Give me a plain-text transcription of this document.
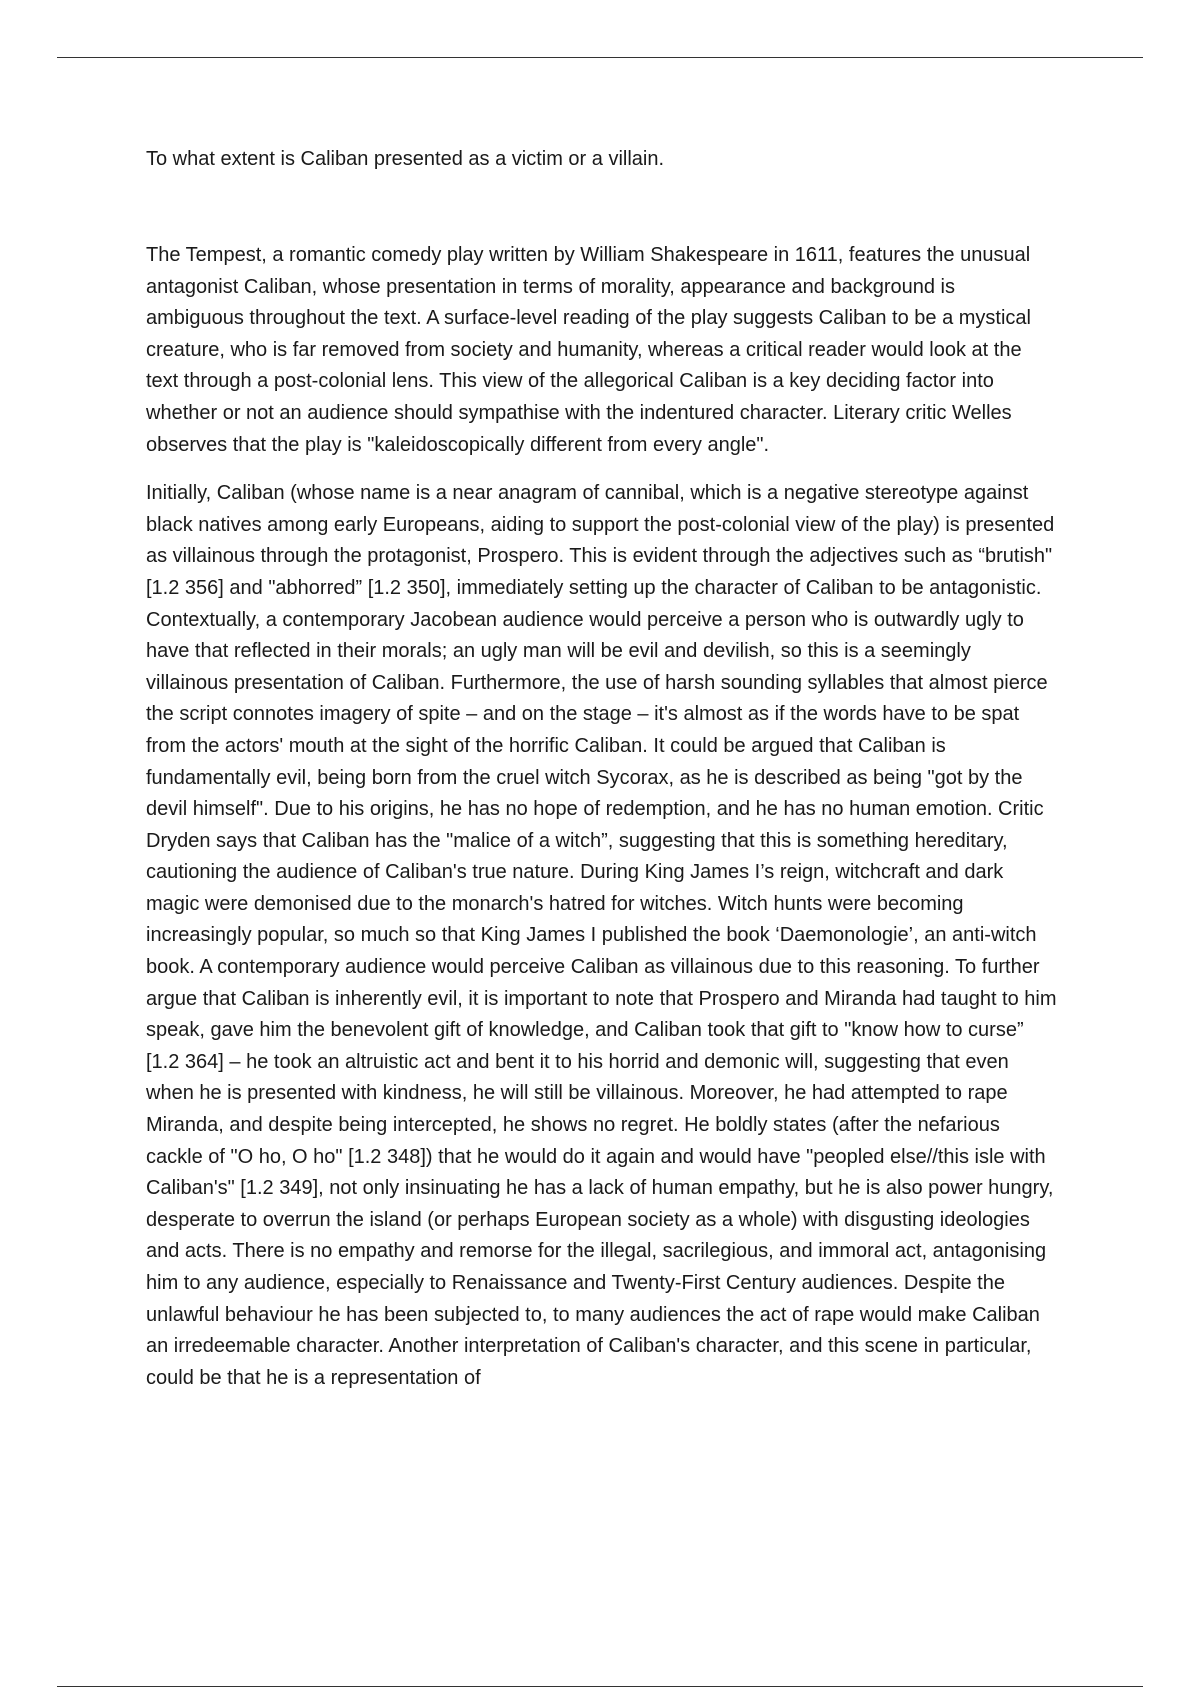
To what extent is Caliban presented as a victim or a villain.

The Tempest, a romantic comedy play written by William Shakespeare in 1611, features the unusual antagonist Caliban, whose presentation in terms of morality, appearance and background is ambiguous throughout the text. A surface-level reading of the play suggests Caliban to be a mystical creature, who is far removed from society and humanity, whereas a critical reader would look at the text through a post-colonial lens. This view of the allegorical Caliban is a key deciding factor into whether or not an audience should sympathise with the indentured character. Literary critic Welles observes that the play is "kaleidoscopically different from every angle".

Initially, Caliban (whose name is a near anagram of cannibal, which is a negative stereotype against black natives among early Europeans, aiding to support the post-colonial view of the play) is presented as villainous through the protagonist, Prospero. This is evident through the adjectives such as “brutish" [1.2 356] and "abhorred” [1.2 350], immediately setting up the character of Caliban to be antagonistic. Contextually, a contemporary Jacobean audience would perceive a person who is outwardly ugly to have that reflected in their morals; an ugly man will be evil and devilish, so this is a seemingly villainous presentation of Caliban. Furthermore, the use of harsh sounding syllables that almost pierce the script connotes imagery of spite – and on the stage – it's almost as if the words have to be spat from the actors' mouth at the sight of the horrific Caliban. It could be argued that Caliban is fundamentally evil, being born from the cruel witch Sycorax, as he is described as being "got by the devil himself". Due to his origins, he has no hope of redemption, and he has no human emotion. Critic Dryden says that Caliban has the "malice of a witch”, suggesting that this is something hereditary, cautioning the audience of Caliban's true nature. During King James I’s reign, witchcraft and dark magic were demonised due to the monarch's hatred for witches. Witch hunts were becoming increasingly popular, so much so that King James I published the book ‘Daemonologie’, an anti-witch book. A contemporary audience would perceive Caliban as villainous due to this reasoning. To further argue that Caliban is inherently evil, it is important to note that Prospero and Miranda had taught to him speak, gave him the benevolent gift of knowledge, and Caliban took that gift to "know how to curse” [1.2 364] – he took an altruistic act and bent it to his horrid and demonic will, suggesting that even when he is presented with kindness, he will still be villainous. Moreover, he had attempted to rape Miranda, and despite being intercepted, he shows no regret. He boldly states (after the nefarious cackle of "O ho, O ho" [1.2 348]) that he would do it again and would have "peopled else//this isle with Caliban's" [1.2 349], not only insinuating he has a lack of human empathy, but he is also power hungry, desperate to overrun the island (or perhaps European society as a whole) with disgusting ideologies and acts. There is no empathy and remorse for the illegal, sacrilegious, and immoral act, antagonising him to any audience, especially to Renaissance and Twenty-First Century audiences. Despite the unlawful behaviour he has been subjected to, to many audiences the act of rape would make Caliban an irredeemable character. Another interpretation of Caliban's character, and this scene in particular, could be that he is a representation of
